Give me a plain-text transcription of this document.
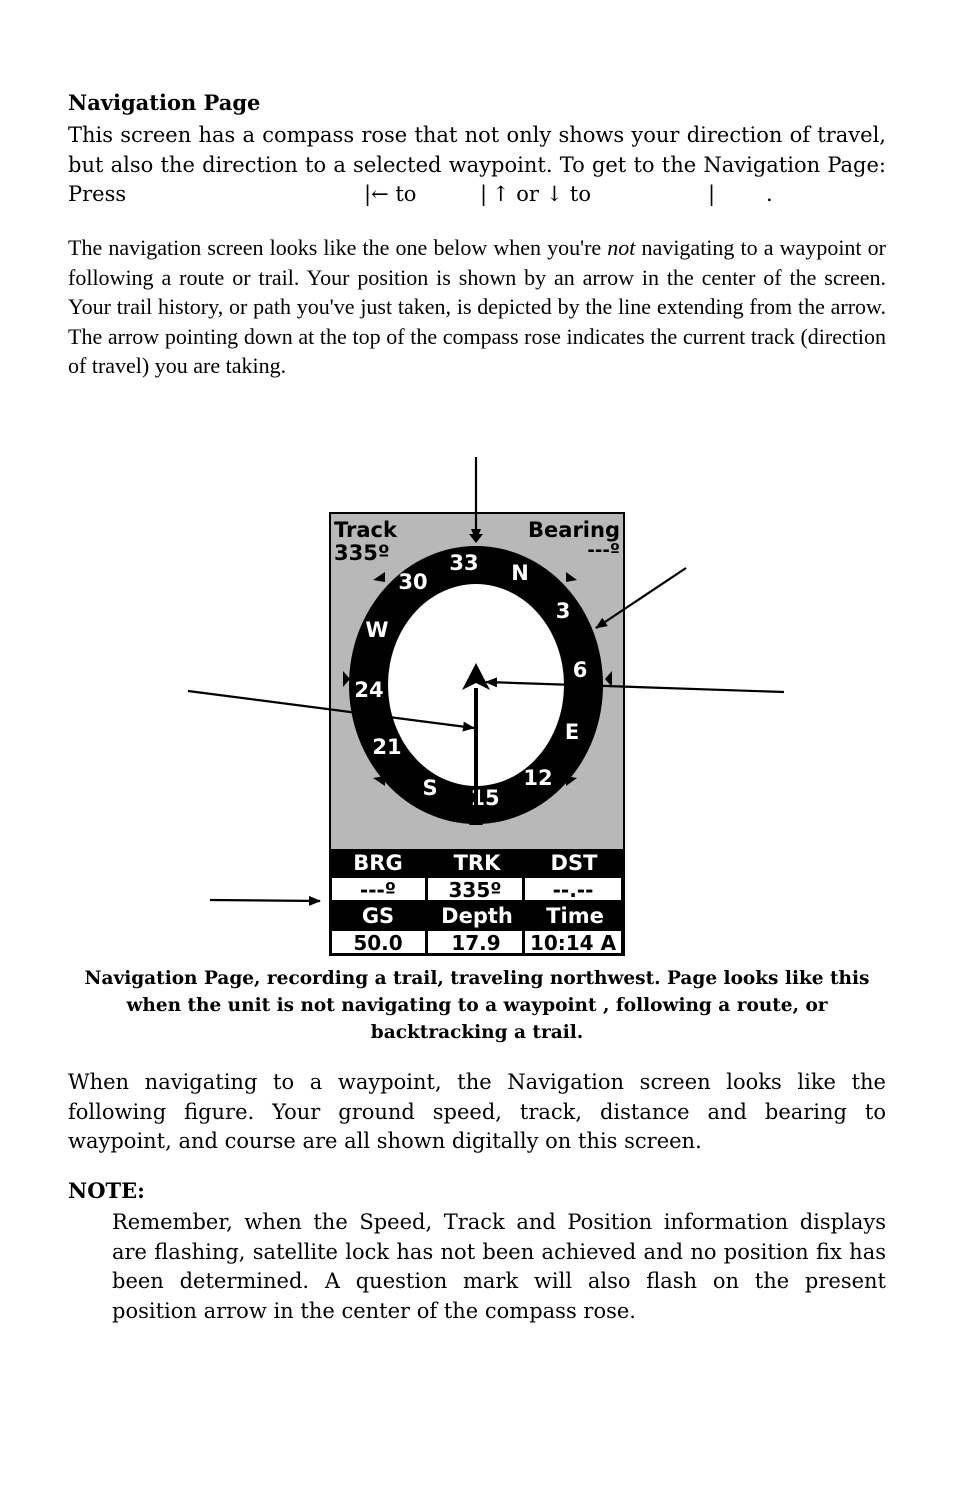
Navigation Page
This screen has a compass rose that not only shows your direction of travel, but also the direction to a selected waypoint. To get to the Navigation Page: Press	|← to	| ↑ or ↓ to	| .
The navigation screen looks like the one below when you're not navigating to a waypoint or following a route or trail. Your position is shown by an arrow in the center of the screen. Your trail history, or path you've just taken, is depicted by the line extending from the arrow. The arrow pointing down at the top of the compass rose indicates the current track (direction of travel) you are taking.
Track
335º
Bearing
---º
33 N
3
6
E
12
15
S
21
24
W
30
BRG TRK DST
---º	335º	--.--
GS Depth Time
50.0 17.9 10:14 A
Navigation Page, recording a trail, traveling northwest. Page looks like this when the unit is not navigating to a waypoint , following a route, or backtracking a trail.
When navigating to a waypoint, the Navigation screen looks like the following figure. Your ground speed, track, distance and bearing to waypoint, and course are all shown digitally on this screen.
NOTE:
Remember, when the Speed, Track and Position information displays are flashing, satellite lock has not been achieved and no position fix has been determined. A question mark will also flash on the present position arrow in the center of the compass rose.
